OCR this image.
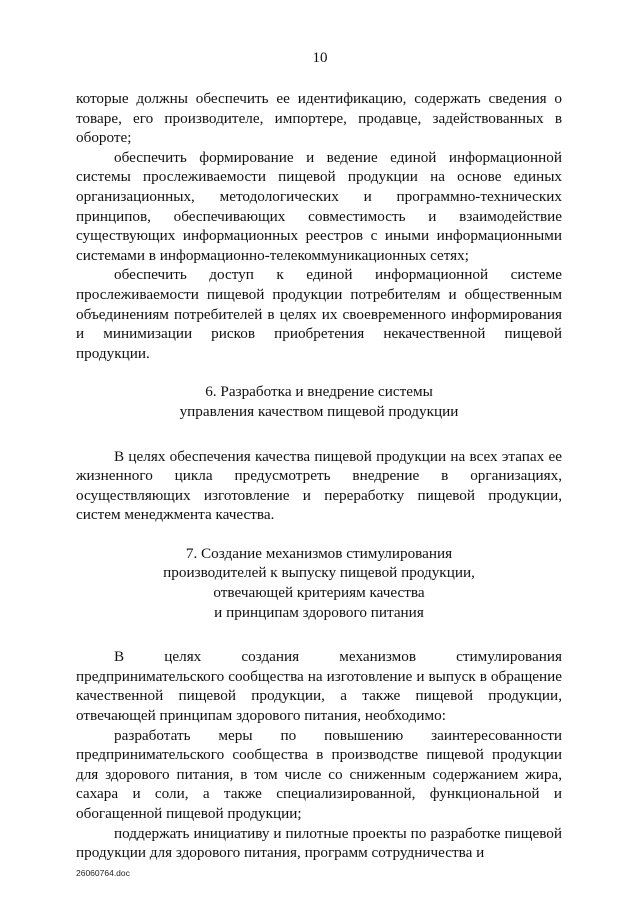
10

которые должны обеспечить ее идентификацию, содержать сведения о товаре, его производителе, импортере, продавце, задействованных в обороте;

обеспечить формирование и ведение единой информационной системы прослеживаемости пищевой продукции на основе единых организационных, методологических и программно-технических принципов, обеспечивающих совместимость и взаимодействие существующих информационных реестров с иными информационными системами в информационно-телекоммуникационных сетях;

обеспечить доступ к единой информационной системе прослеживаемости пищевой продукции потребителям и общественным объединениям потребителей в целях их своевременного информирования и минимизации рисков приобретения некачественной пищевой продукции.

6. Разработка и внедрение системы

управления качеством пищевой продукции

В целях обеспечения качества пищевой продукции на всех этапах ее жизненного цикла предусмотреть внедрение в организациях, осуществляющих изготовление и переработку пищевой продукции, систем менеджмента качества.

7. Создание механизмов стимулирования

производителей к выпуску пищевой продукции,

отвечающей критериям качества

и принципам здорового питания

В целях создания механизмов стимулирования предпринимательского сообщества на изготовление и выпуск в обращение качественной пищевой продукции, а также пищевой продукции, отвечающей принципам здорового питания, необходимо:

разработать меры по повышению заинтересованности предпринимательского сообщества в производстве пищевой продукции для здорового питания, в том числе со сниженным содержанием жира, сахара и соли, а также специализированной, функциональной и обогащенной пищевой продукции;

поддержать инициативу и пилотные проекты по разработке пищевой продукции для здорового питания, программ сотрудничества и

26060764.doc
